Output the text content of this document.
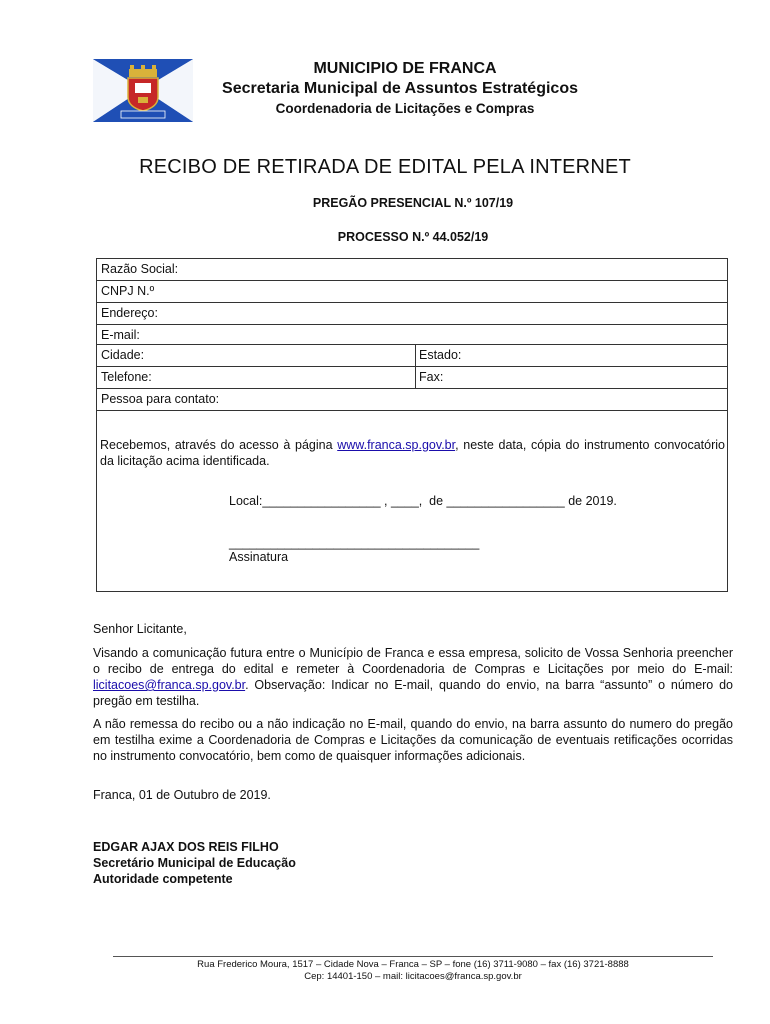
MUNICIPIO DE FRANCA
Secretaria Municipal de Assuntos Estratégicos
Coordenadoria de Licitações e Compras
RECIBO DE RETIRADA DE EDITAL PELA INTERNET
PREGÃO PRESENCIAL N.º 107/19
PROCESSO N.º 44.052/19
Razão Social:
CNPJ N.º
Endereço:
E-mail:
Cidade:	Estado:
Telefone:	Fax:
Pessoa para contato:
Recebemos, através do acesso à página www.franca.sp.gov.br, neste data, cópia do instrumento convocatório da licitação acima identificada.
Local:_________________ , ____,  de _________________ de 2019.
____________________________________
Assinatura
Senhor Licitante,
Visando a comunicação futura entre o Município de Franca e essa empresa, solicito de Vossa Senhoria preencher o recibo de entrega do edital e remeter à Coordenadoria de Compras e Licitações por meio do E-mail: licitacoes@franca.sp.gov.br. Observação: Indicar no E-mail, quando do envio, na barra “assunto” o número do pregão em testilha.
A não remessa do recibo ou a não indicação no E-mail, quando do envio, na barra assunto do numero do pregão em testilha exime a Coordenadoria de Compras e Licitações da comunicação de eventuais retificações ocorridas no instrumento convocatório, bem como de quaisquer informações adicionais.
Franca, 01 de Outubro de 2019.
EDGAR AJAX DOS REIS FILHO
Secretário Municipal de Educação
Autoridade competente
Rua Frederico Moura, 1517 – Cidade Nova – Franca – SP – fone (16) 3711-9080 – fax (16) 3721-8888
Cep: 14401-150 – mail: licitacoes@franca.sp.gov.br
